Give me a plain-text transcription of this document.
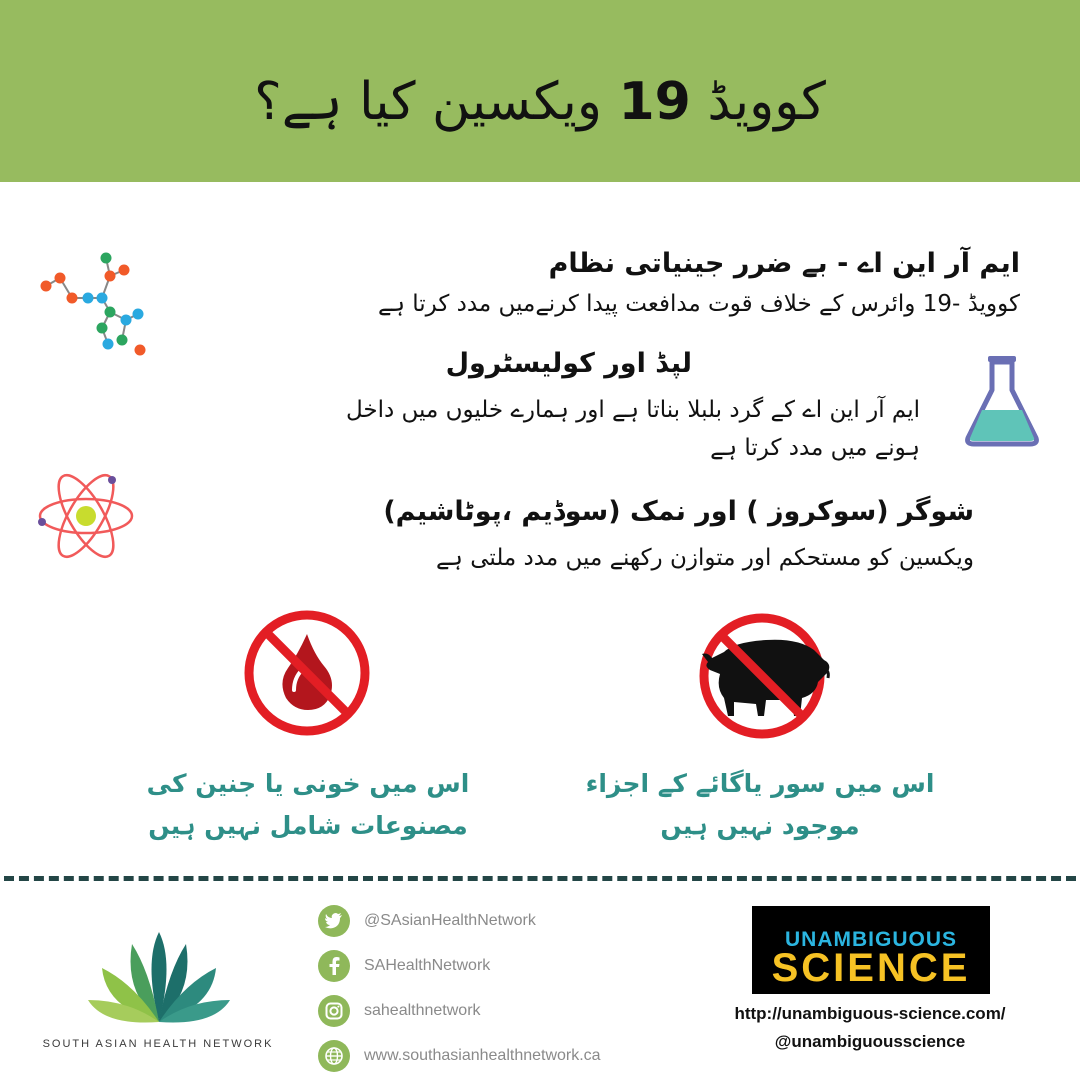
کوویڈ 19 ویکسین کیا ہے؟
ایم آر این اے - بے ضرر جینیاتی نظام
کوویڈ -19 وائرس کے خلاف قوت مدافعت پیدا کرنےمیں مدد کرتا ہے
لپڈ اور کولیسٹرول
ایم آر این اے کے گرد بلبلا بناتا ہے اور ہمارے خلیوں میں داخل
ہونے میں مدد کرتا ہے
شوگر (سوکروز ) اور نمک (سوڈیم ،پوٹاشیم)
ویکسین کو مستحکم اور متوازن رکھنے میں مدد ملتی ہے
اس میں سور یاگائے کے اجزاء
موجود نہیں ہیں
اس میں خونی یا جنین کی
مصنوعات شامل نہیں ہیں
SOUTH ASIAN HEALTH NETWORK
@SAsianHealthNetwork
SAHealthNetwork
sahealthnetwork
www.southasianhealthnetwork.ca
UNAMBIGUOUS
SCIENCE
http://unambiguous-science.com/
@unambiguousscience
